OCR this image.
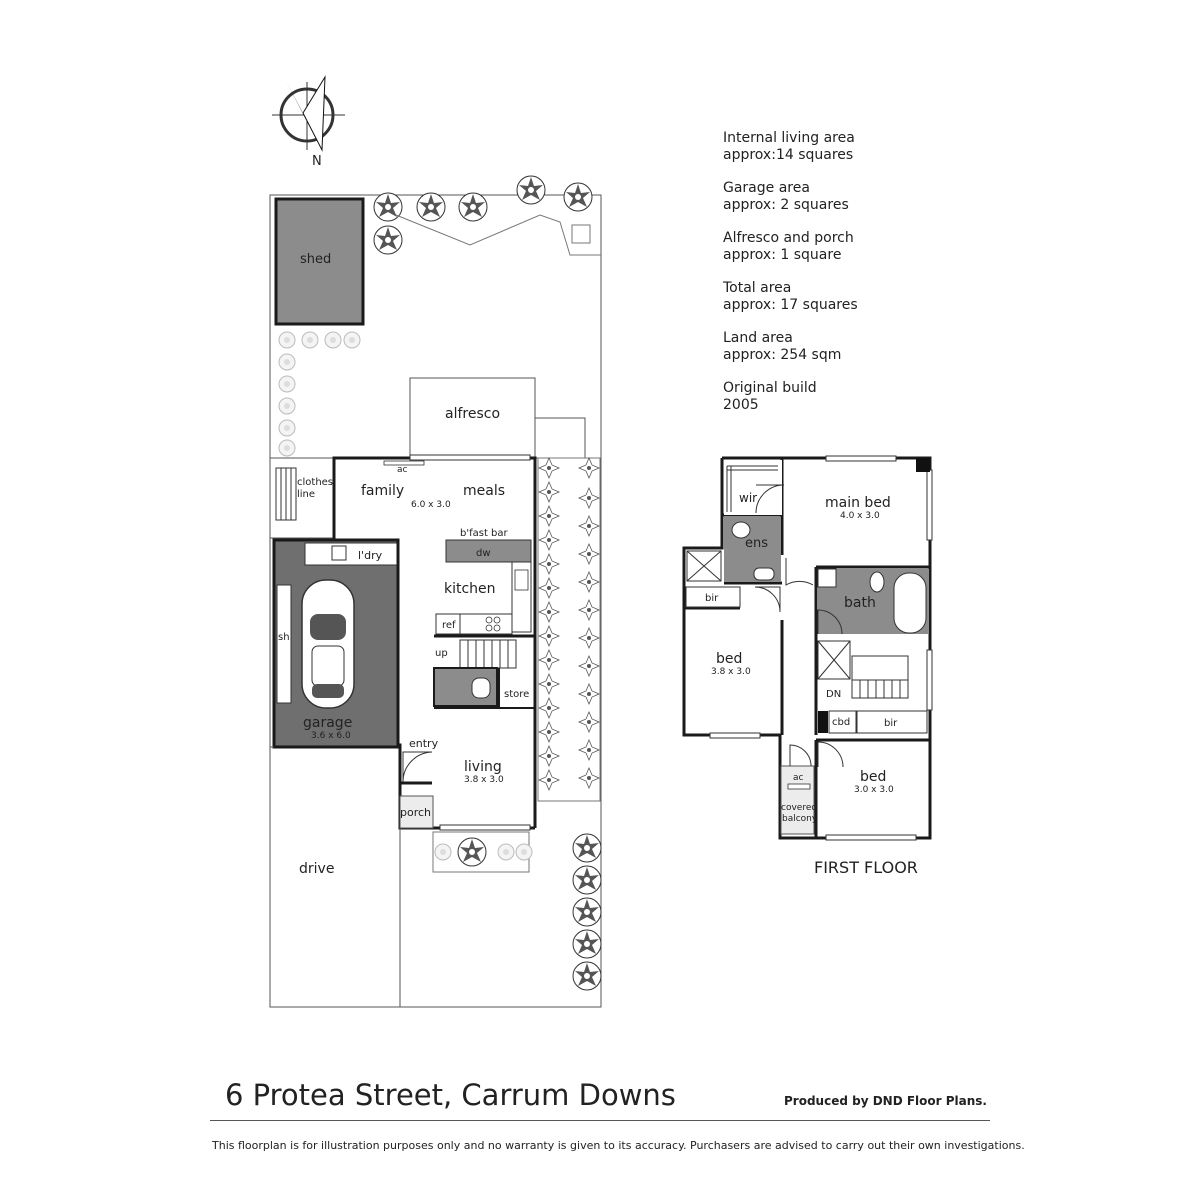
N
shed
alfresco
clothes
line
sh
l'dry
garage
3.6 x 6.0
ac
family	meals
6.0 x 3.0
b'fast bar
dw
kitchen
ref
up
store
entry
living
3.8 x 3.0
porch
drive
wir	main bed
4.0 x 3.0
ens
bir
bed
3.8 x 3.0
bath
DN
cbd	bir
bed
3.0 x 3.0
ac
covered
balcony
FIRST FLOOR
Internal living area
approx:14 squares
Garage area
approx: 2 squares
Alfresco and porch
approx: 1 square
Total area
approx: 17 squares
Land area
approx: 254 sqm
Original build
2005
6 Protea Street, Carrum Downs	Produced by DND Floor Plans.
This floorplan is for illustration purposes only and no warranty is given to its accuracy. Purchasers are advised to carry out their own investigations.
